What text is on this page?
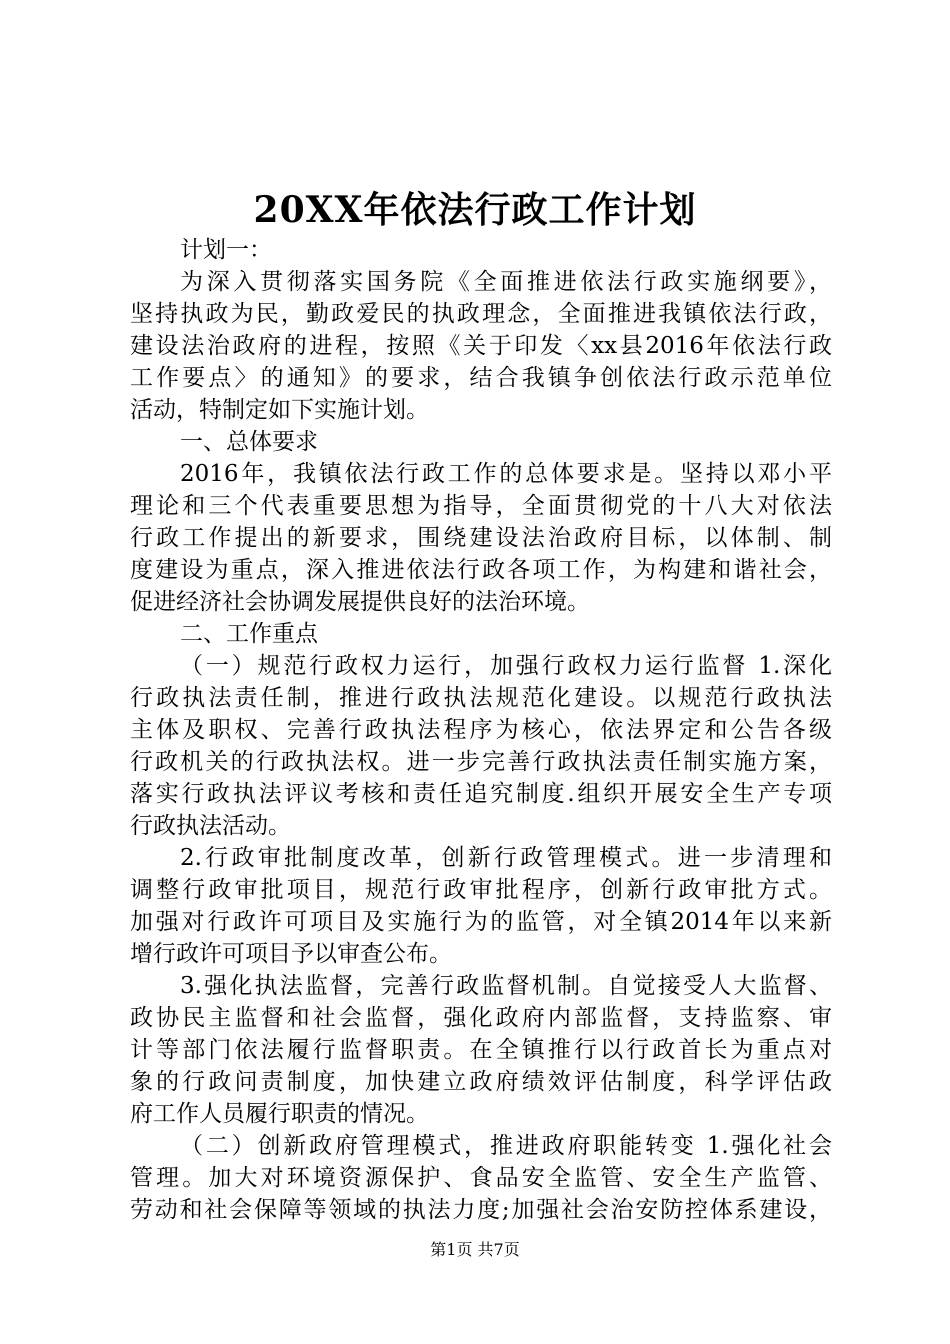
20XX年依法行政工作计划
计划一：
为深入贯彻落实国务院《全面推进依法行政实施纲要》，
坚持执政为民，勤政爱民的执政理念，全面推进我镇依法行政，
建设法治政府的进程，按照《关于印发〈xx县2016年依法行政
工作要点〉的通知》的要求，结合我镇争创依法行政示范单位
活动，特制定如下实施计划。
一、总体要求
2016年，我镇依法行政工作的总体要求是。坚持以邓小平
理论和三个代表重要思想为指导，全面贯彻党的十八大对依法
行政工作提出的新要求，围绕建设法治政府目标，以体制、制
度建设为重点，深入推进依法行政各项工作，为构建和谐社会，
促进经济社会协调发展提供良好的法治环境。
二、工作重点
（一）规范行政权力运行，加强行政权力运行监督 1.深化
行政执法责任制，推进行政执法规范化建设。以规范行政执法
主体及职权、完善行政执法程序为核心，依法界定和公告各级
行政机关的行政执法权。进一步完善行政执法责任制实施方案，
落实行政执法评议考核和责任追究制度.组织开展安全生产专项
行政执法活动。
2.行政审批制度改革，创新行政管理模式。进一步清理和
调整行政审批项目，规范行政审批程序，创新行政审批方式。
加强对行政许可项目及实施行为的监管，对全镇2014年以来新
增行政许可项目予以审查公布。
3.强化执法监督，完善行政监督机制。自觉接受人大监督、
政协民主监督和社会监督，强化政府内部监督，支持监察、审
计等部门依法履行监督职责。在全镇推行以行政首长为重点对
象的行政问责制度，加快建立政府绩效评估制度，科学评估政
府工作人员履行职责的情况。
（二）创新政府管理模式，推进政府职能转变 1.强化社会
管理。加大对环境资源保护、食品安全监管、安全生产监管、
劳动和社会保障等领域的执法力度;加强社会治安防控体系建设，
第1页 共7页
